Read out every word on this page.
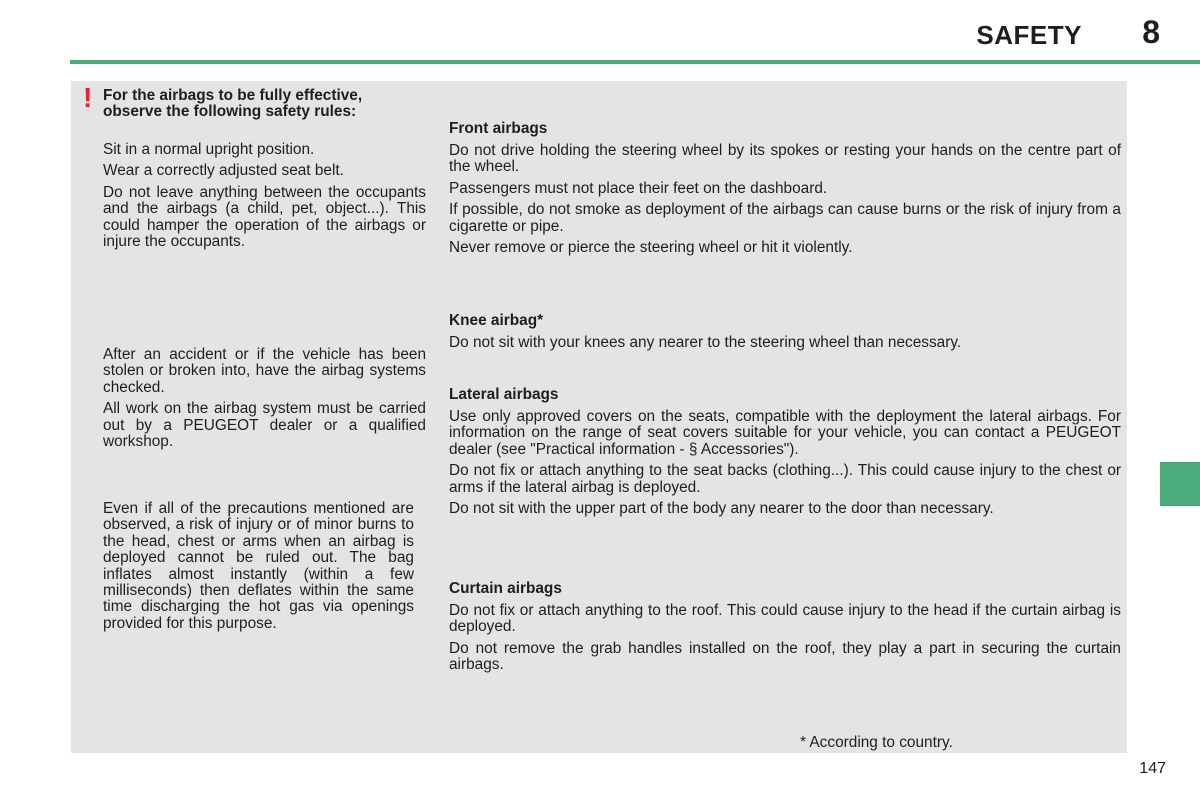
SAFETY 8
! For the airbags to be fully effective, observe the following safety rules:

Sit in a normal upright position.

Wear a correctly adjusted seat belt.

Do not leave anything between the occupants and the airbags (a child, pet, object...). This could hamper the operation of the airbags or injure the occupants.

After an accident or if the vehicle has been stolen or broken into, have the airbag systems checked.

All work on the airbag system must be carried out by a PEUGEOT dealer or a qualified workshop.

Even if all of the precautions mentioned are observed, a risk of injury or of minor burns to the head, chest or arms when an airbag is deployed cannot be ruled out. The bag inflates almost instantly (within a few milliseconds) then deflates within the same time discharging the hot gas via openings provided for this purpose.

Front airbags

Do not drive holding the steering wheel by its spokes or resting your hands on the centre part of the wheel.

Passengers must not place their feet on the dashboard.

If possible, do not smoke as deployment of the airbags can cause burns or the risk of injury from a cigarette or pipe.

Never remove or pierce the steering wheel or hit it violently.

Knee airbag*

Do not sit with your knees any nearer to the steering wheel than necessary.

Lateral airbags

Use only approved covers on the seats, compatible with the deployment the lateral airbags. For information on the range of seat covers suitable for your vehicle, you can contact a PEUGEOT dealer (see "Practical information - § Accessories").

Do not fix or attach anything to the seat backs (clothing...). This could cause injury to the chest or arms if the lateral airbag is deployed.

Do not sit with the upper part of the body any nearer to the door than necessary.

Curtain airbags

Do not fix or attach anything to the roof. This could cause injury to the head if the curtain airbag is deployed.

Do not remove the grab handles installed on the roof, they play a part in securing the curtain airbags.

* According to country.
147
